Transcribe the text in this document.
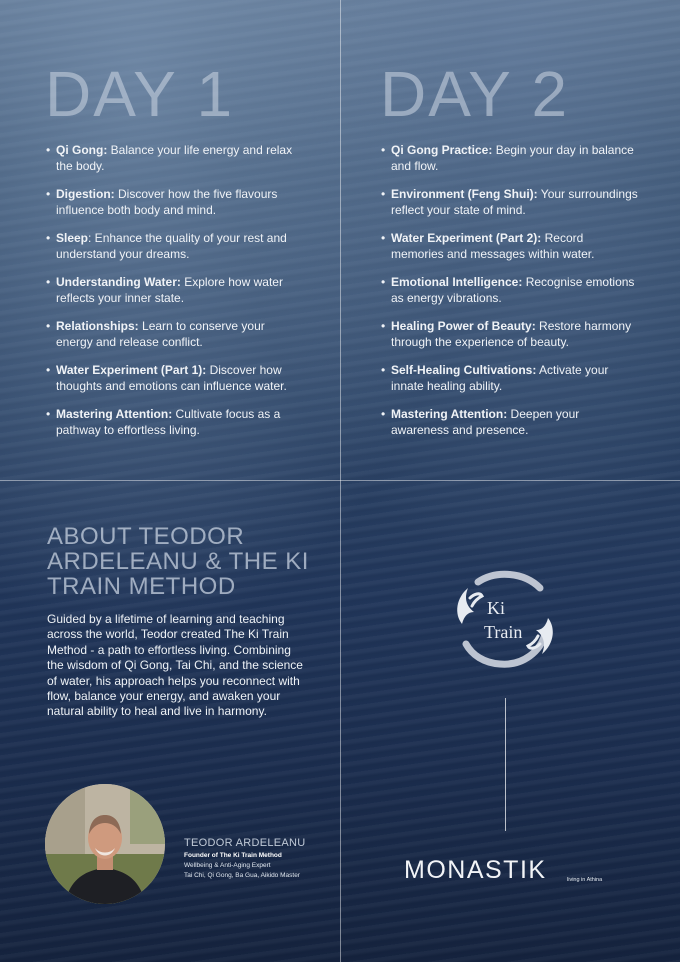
DAY 1 DAY 2
• Qi Gong: Balance your life energy and relax the body.
• Digestion: Discover how the five flavours influence both body and mind.
• Sleep: Enhance the quality of your rest and understand your dreams.
• Understanding Water: Explore how water reflects your inner state.
• Relationships: Learn to conserve your energy and release conflict.
• Water Experiment (Part 1): Discover how thoughts and emotions can influence water.
• Mastering Attention: Cultivate focus as a pathway to effortless living.
• Qi Gong Practice: Begin your day in balance and flow.
• Environment (Feng Shui): Your surroundings reflect your state of mind.
• Water Experiment (Part 2): Record memories and messages within water.
• Emotional Intelligence: Recognise emotions as energy vibrations.
• Healing Power of Beauty: Restore harmony through the experience of beauty.
• Self-Healing Cultivations: Activate your innate healing ability.
• Mastering Attention: Deepen your awareness and presence.
ABOUT TEODOR ARDELEANU & THE KI TRAIN METHOD
Guided by a lifetime of learning and teaching across the world, Teodor created The Ki Train Method - a path to effortless living. Combining the wisdom of Qi Gong, Tai Chi, and the science of water, his approach helps you reconnect with flow, balance your energy, and awaken your natural ability to heal and live in harmony.
TEODOR ARDELEANU
Founder of The Ki Train Method
Wellbeing & Anti-Aging Expert
Tai Chi, Qi Gong, Ba Gua, Aikido Master
Ki
Train
MONASTIK	living in Athina
